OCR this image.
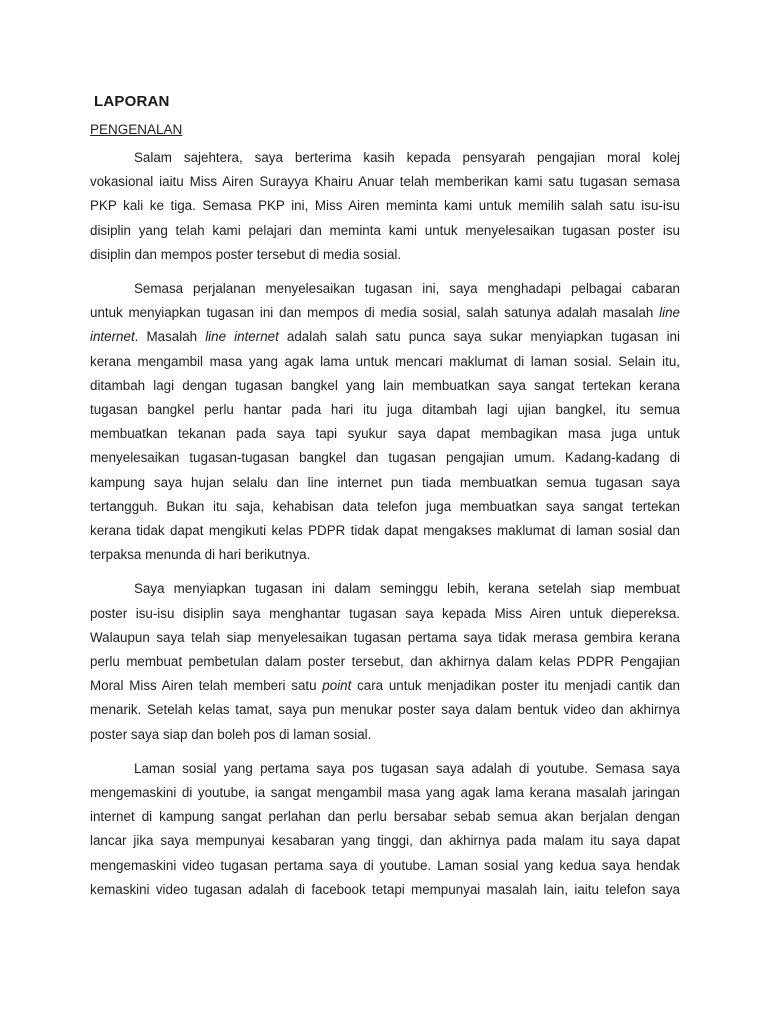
LAPORAN
PENGENALAN
Salam sajehtera, saya berterima kasih kepada pensyarah pengajian moral kolej
vokasional iaitu Miss Airen Surayya Khairu Anuar telah memberikan kami satu tugasan semasa
PKP kali ke tiga. Semasa PKP ini, Miss Airen meminta kami untuk memilih salah satu isu-isu
disiplin yang telah kami pelajari dan meminta kami untuk menyelesaikan tugasan poster isu
disiplin dan mempos poster tersebut di media sosial.
Semasa perjalanan menyelesaikan tugasan ini, saya menghadapi pelbagai cabaran
untuk menyiapkan tugasan ini dan mempos di media sosial, salah satunya adalah masalah line
internet. Masalah line internet adalah salah satu punca saya sukar menyiapkan tugasan ini
kerana mengambil masa yang agak lama untuk mencari maklumat di laman sosial. Selain itu,
ditambah lagi dengan tugasan bangkel yang lain membuatkan saya sangat tertekan kerana
tugasan bangkel perlu hantar pada hari itu juga ditambah lagi ujian bangkel, itu semua
membuatkan tekanan pada saya tapi syukur saya dapat membagikan masa juga untuk
menyelesaikan tugasan-tugasan bangkel dan tugasan pengajian umum. Kadang-kadang di
kampung saya hujan selalu dan line internet pun tiada membuatkan semua tugasan saya
tertangguh. Bukan itu saja, kehabisan data telefon juga membuatkan saya sangat tertekan
kerana tidak dapat mengikuti kelas PDPR tidak dapat mengakses maklumat di laman sosial dan
terpaksa menunda di hari berikutnya.
Saya menyiapkan tugasan ini dalam seminggu lebih, kerana setelah siap membuat
poster isu-isu disiplin saya menghantar tugasan saya kepada Miss Airen untuk diepereksa.
Walaupun saya telah siap menyelesaikan tugasan pertama saya tidak merasa gembira kerana
perlu membuat pembetulan dalam poster tersebut, dan akhirnya dalam kelas PDPR Pengajian
Moral Miss Airen telah memberi satu point cara untuk menjadikan poster itu menjadi cantik dan
menarik. Setelah kelas tamat, saya pun menukar poster saya dalam bentuk video dan akhirnya
poster saya siap dan boleh pos di laman sosial.
Laman sosial yang pertama saya pos tugasan saya adalah di youtube. Semasa saya
mengemaskini di youtube, ia sangat mengambil masa yang agak lama kerana masalah jaringan
internet di kampung sangat perlahan dan perlu bersabar sebab semua akan berjalan dengan
lancar jika saya mempunyai kesabaran yang tinggi, dan akhirnya pada malam itu saya dapat
mengemaskini video tugasan pertama saya di youtube. Laman sosial yang kedua saya hendak
kemaskini video tugasan adalah di facebook tetapi mempunyai masalah lain, iaitu telefon saya
